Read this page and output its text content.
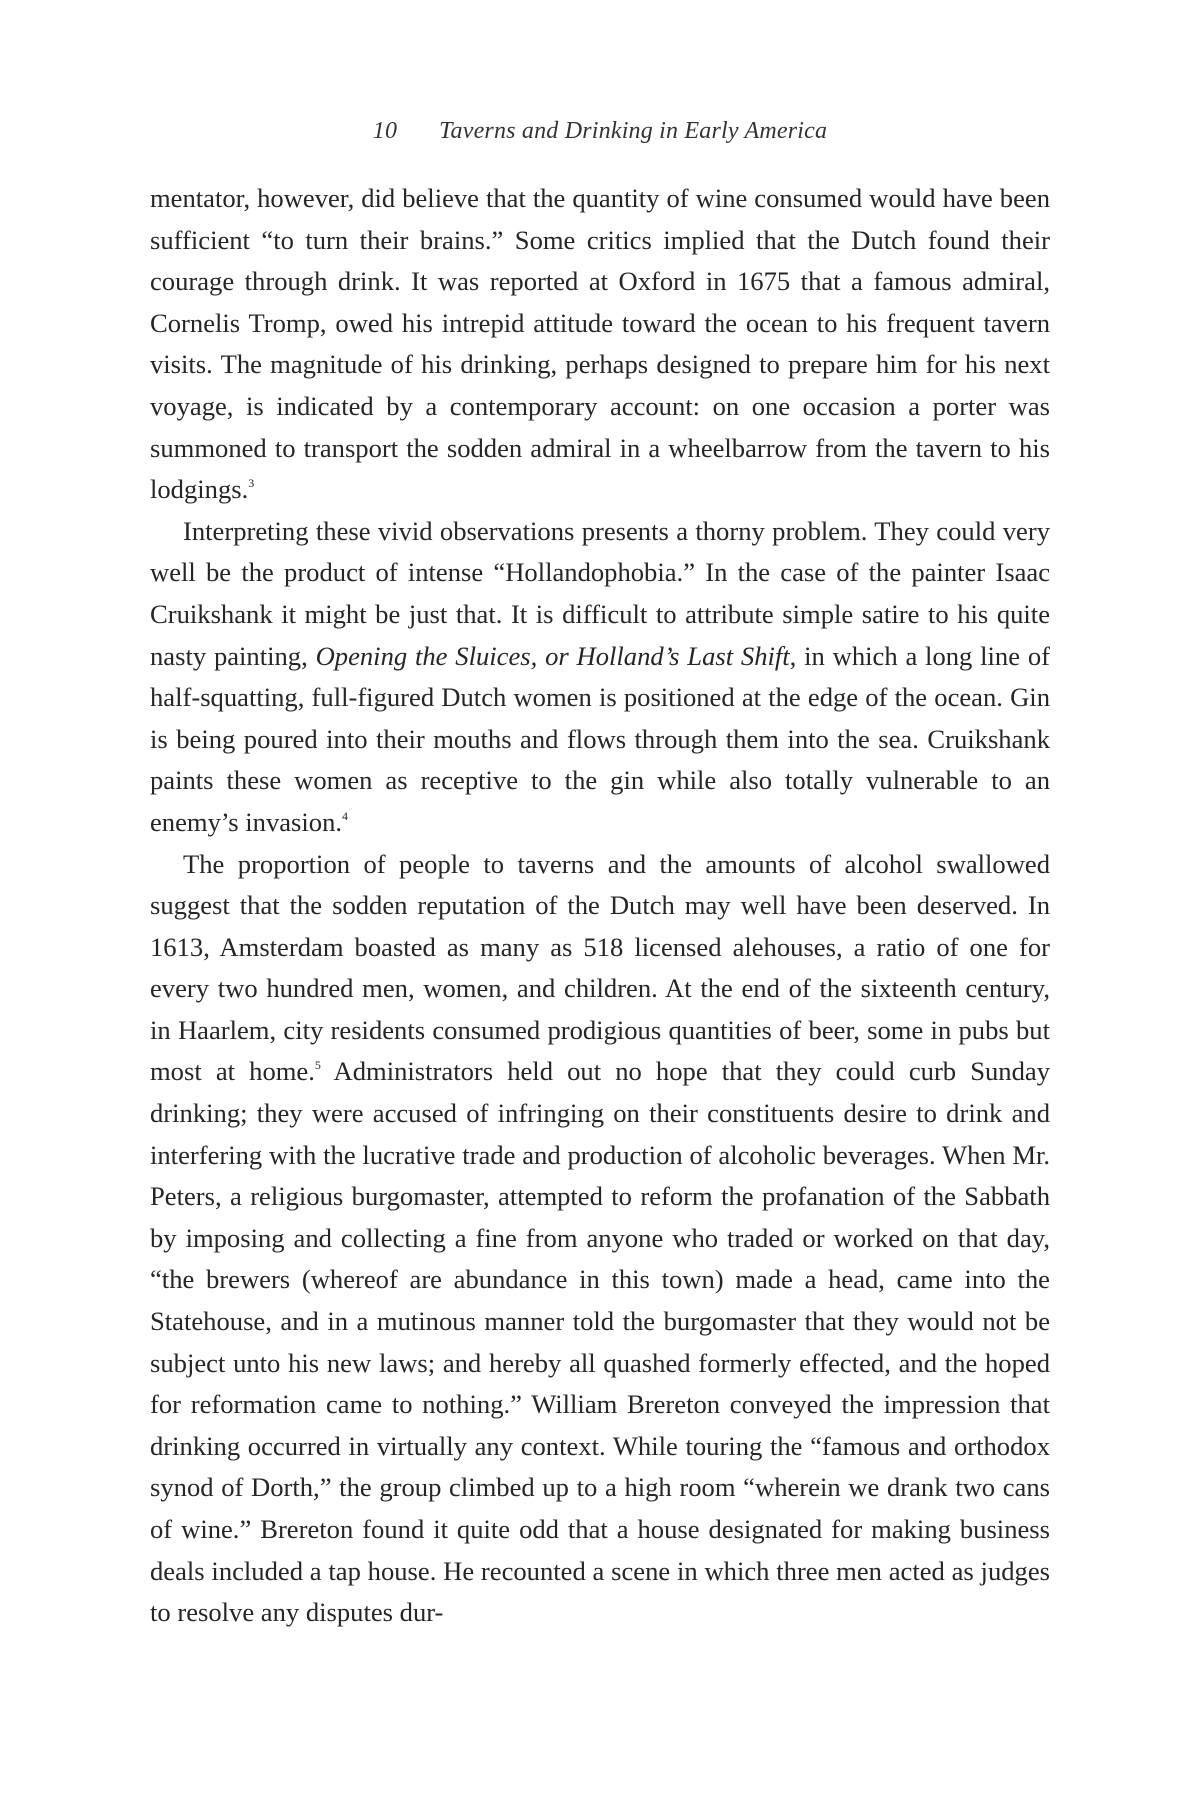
10 Taverns and Drinking in Early America

mentator, however, did believe that the quantity of wine consumed would have been sufficient “to turn their brains.” Some critics implied that the Dutch found their courage through drink. It was reported at Oxford in 1675 that a famous admiral, Cornelis Tromp, owed his intrepid attitude toward the ocean to his frequent tavern visits. The magnitude of his drinking, perhaps designed to prepare him for his next voyage, is indicated by a contemporary account: on one occasion a porter was summoned to transport the sodden admiral in a wheelbarrow from the tavern to his lodgings.$^3$

Interpreting these vivid observations presents a thorny problem. They could very well be the product of intense “Hollandophobia.” In the case of the painter Isaac Cruikshank it might be just that. It is difficult to attribute simple satire to his quite nasty painting, Opening the Sluices, or Holland’s Last Shift, in which a long line of half-squatting, full-figured Dutch women is positioned at the edge of the ocean. Gin is being poured into their mouths and flows through them into the sea. Cruikshank paints these women as receptive to the gin while also totally vulnerable to an enemy’s invasion.$^4$

The proportion of people to taverns and the amounts of alcohol swallowed suggest that the sodden reputation of the Dutch may well have been deserved. In 1613, Amsterdam boasted as many as 518 licensed alehouses, a ratio of one for every two hundred men, women, and children. At the end of the sixteenth century, in Haarlem, city residents consumed prodigious quantities of beer, some in pubs but most at home.$^5$ Administrators held out no hope that they could curb Sunday drinking; they were accused of infringing on their constituents desire to drink and interfering with the lucrative trade and production of alcoholic beverages. When Mr. Peters, a religious burgomaster, attempted to reform the profanation of the Sabbath by imposing and collecting a fine from anyone who traded or worked on that day, “the brewers (whereof are abundance in this town) made a head, came into the Statehouse, and in a mutinous manner told the burgomaster that they would not be subject unto his new laws; and hereby all quashed formerly effected, and the hoped for reformation came to nothing.” William Brereton conveyed the impression that drinking occurred in virtually any context. While touring the “famous and orthodox synod of Dorth,” the group climbed up to a high room “wherein we drank two cans of wine.” Brereton found it quite odd that a house designated for making business deals included a tap house. He recounted a scene in which three men acted as judges to resolve any disputes dur-
